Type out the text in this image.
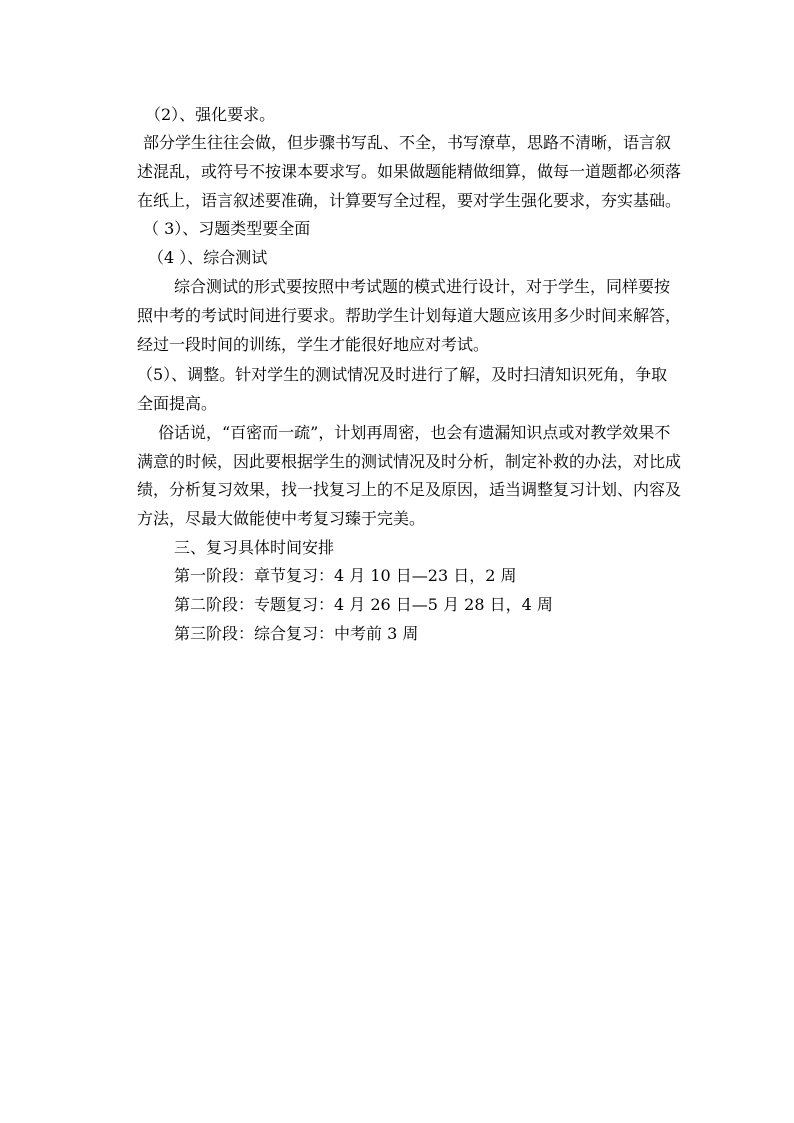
（2）、强化要求。
部分学生往往会做，但步骤书写乱、不全，书写潦草，思路不清晰，语言叙
述混乱，或符号不按课本要求写。如果做题能精做细算，做每一道题都必须落
在纸上，语言叙述要准确，计算要写全过程，要对学生强化要求，夯实基础。
（ 3）、习题类型要全面
（4 ）、综合测试
综合测试的形式要按照中考试题的模式进行设计，对于学生，同样要按
照中考的考试时间进行要求。帮助学生计划每道大题应该用多少时间来解答，
经过一段时间的训练，学生才能很好地应对考试。
（5）、调整。针对学生的测试情况及时进行了解，及时扫清知识死角，争取
全面提高。
俗话说，“百密而一疏”，计划再周密，也会有遗漏知识点或对教学效果不
满意的时候，因此要根据学生的测试情况及时分析，制定补救的办法，对比成
绩，分析复习效果，找一找复习上的不足及原因，适当调整复习计划、内容及
方法，尽最大做能使中考复习臻于完美。
三、复习具体时间安排
第一阶段：章节复习：4 月 10 日—23 日，2 周
第二阶段：专题复习：4 月 26 日—5 月 28 日，4 周
第三阶段：综合复习：中考前 3 周
